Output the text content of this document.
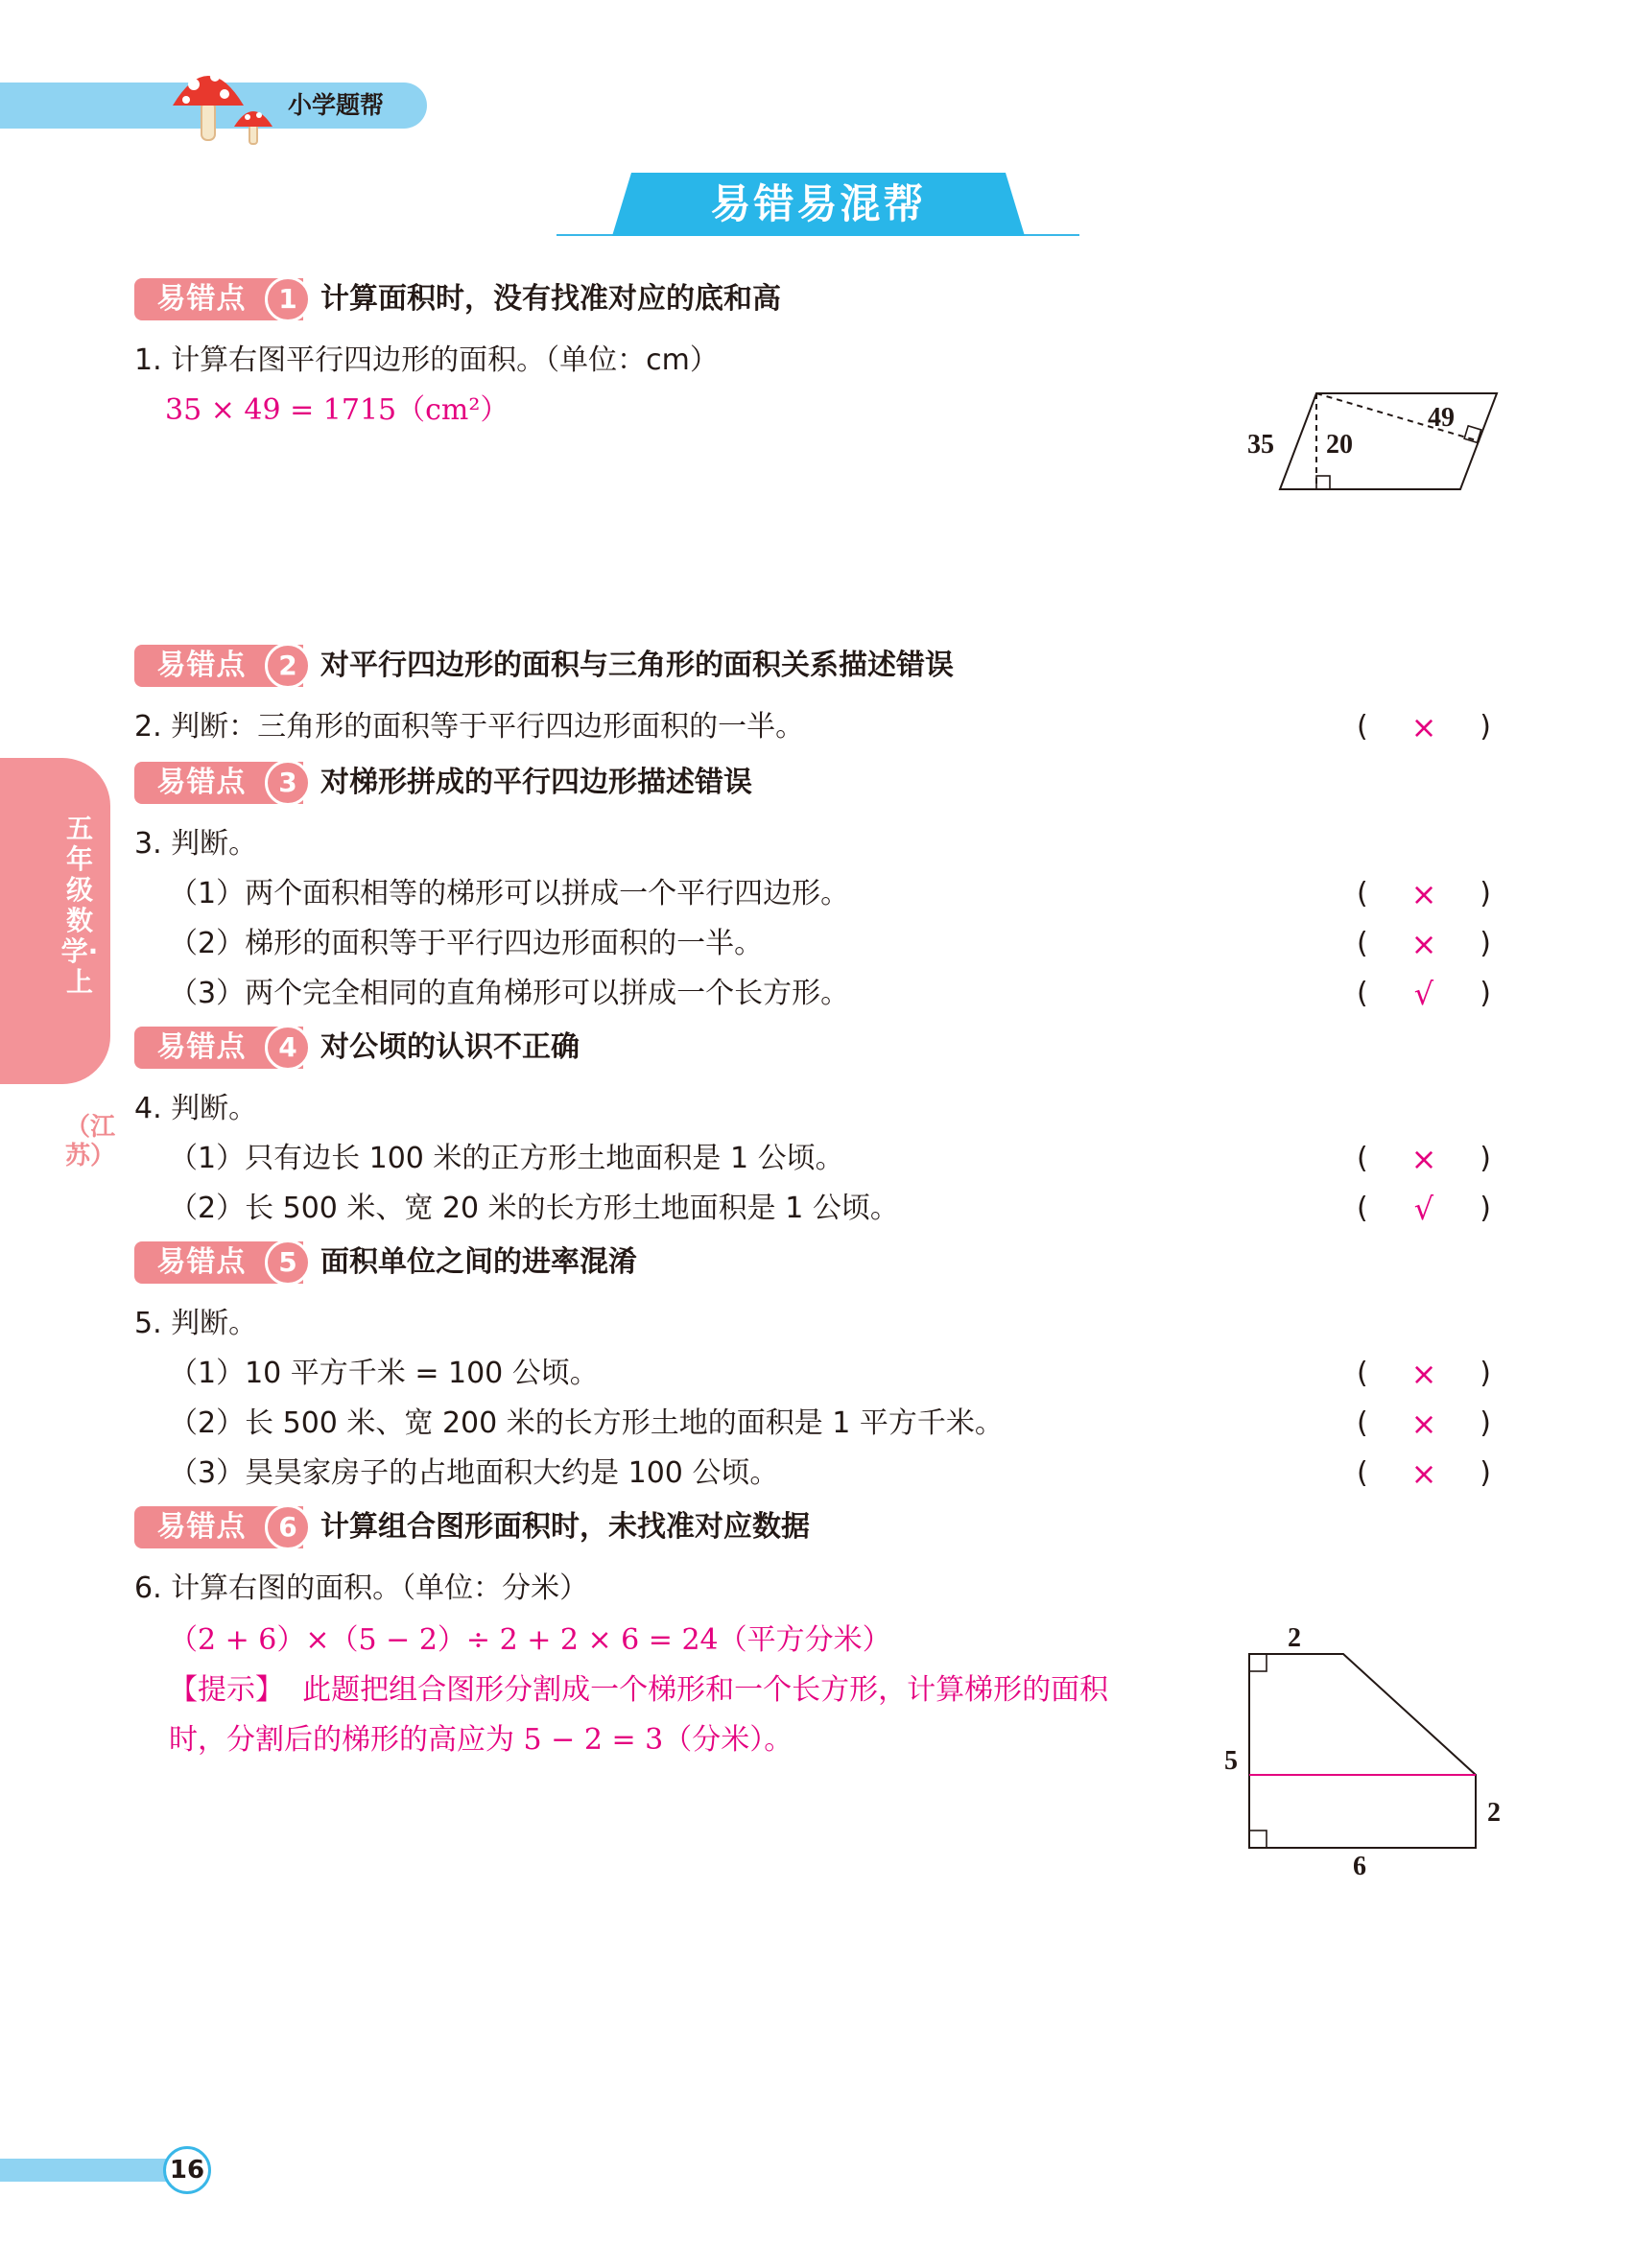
小学题帮
易错易混帮
五年级数学·上
（江苏）
易错点	1 计算面积时，没有找准对应的底和高
1. 计算右图平行四边形的面积。（单位：cm）
35 × 49 = 1715（cm²）
35 20
49
易错点	2 对平行四边形的面积与三角形的面积关系描述错误
2. 判断：三角形的面积等于平行四边形面积的一半。	( × )
易错点	3 对梯形拼成的平行四边形描述错误
3. 判断。
（1）两个面积相等的梯形可以拼成一个平行四边形。	( × )
（2）梯形的面积等于平行四边形面积的一半。	( × )
（3）两个完全相同的直角梯形可以拼成一个长方形。	(	√	)
易错点	4 对公顷的认识不正确
4. 判断。
（1）只有边长 100 米的正方形土地面积是 1 公顷。	( × )
（2）长 500 米、宽 20 米的长方形土地面积是 1 公顷。	(	√	)
易错点	5 面积单位之间的进率混淆
5. 判断。
（1）10 平方千米 = 100 公顷。	( × )
（2）长 500 米、宽 200 米的长方形土地的面积是 1 平方千米。	( × )
（3）昊昊家房子的占地面积大约是 100 公顷。	( × )
易错点	6 计算组合图形面积时，未找准对应数据
6. 计算右图的面积。（单位：分米）
（2 + 6）×（5 − 2）÷ 2 + 2 × 6 = 24（平方分米）
【提示】 此题把组合图形分割成一个梯形和一个长方形，计算梯形的面积
时，分割后的梯形的高应为 5 − 2 = 3（分米）。
2
5
2
6
16
